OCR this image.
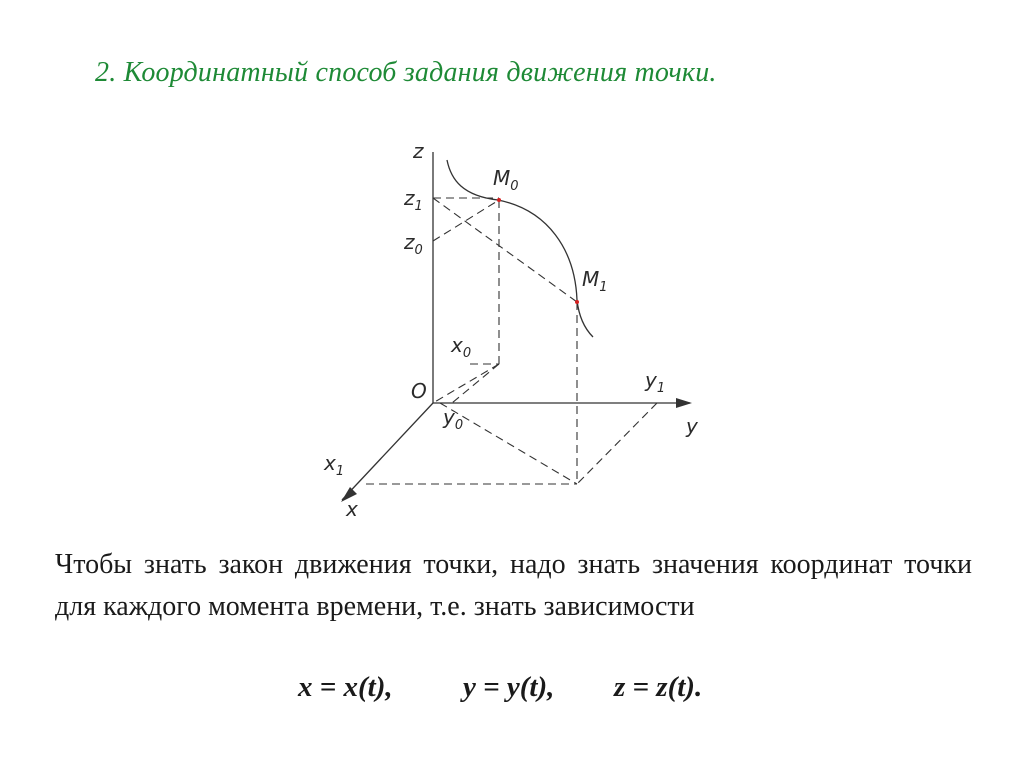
2. Координатный способ задания движения точки.
z
$z_1$
$z_0$
$M_0$
$M_1$
$x_0$
O	$y_1$
$y_0$	y
$x_1$
x

Чтобы знать закон движения точки, надо знать значения координат точки для каждого момента времени, т.е. знать зависимости

x = x(t), y = y(t), z = z(t).
